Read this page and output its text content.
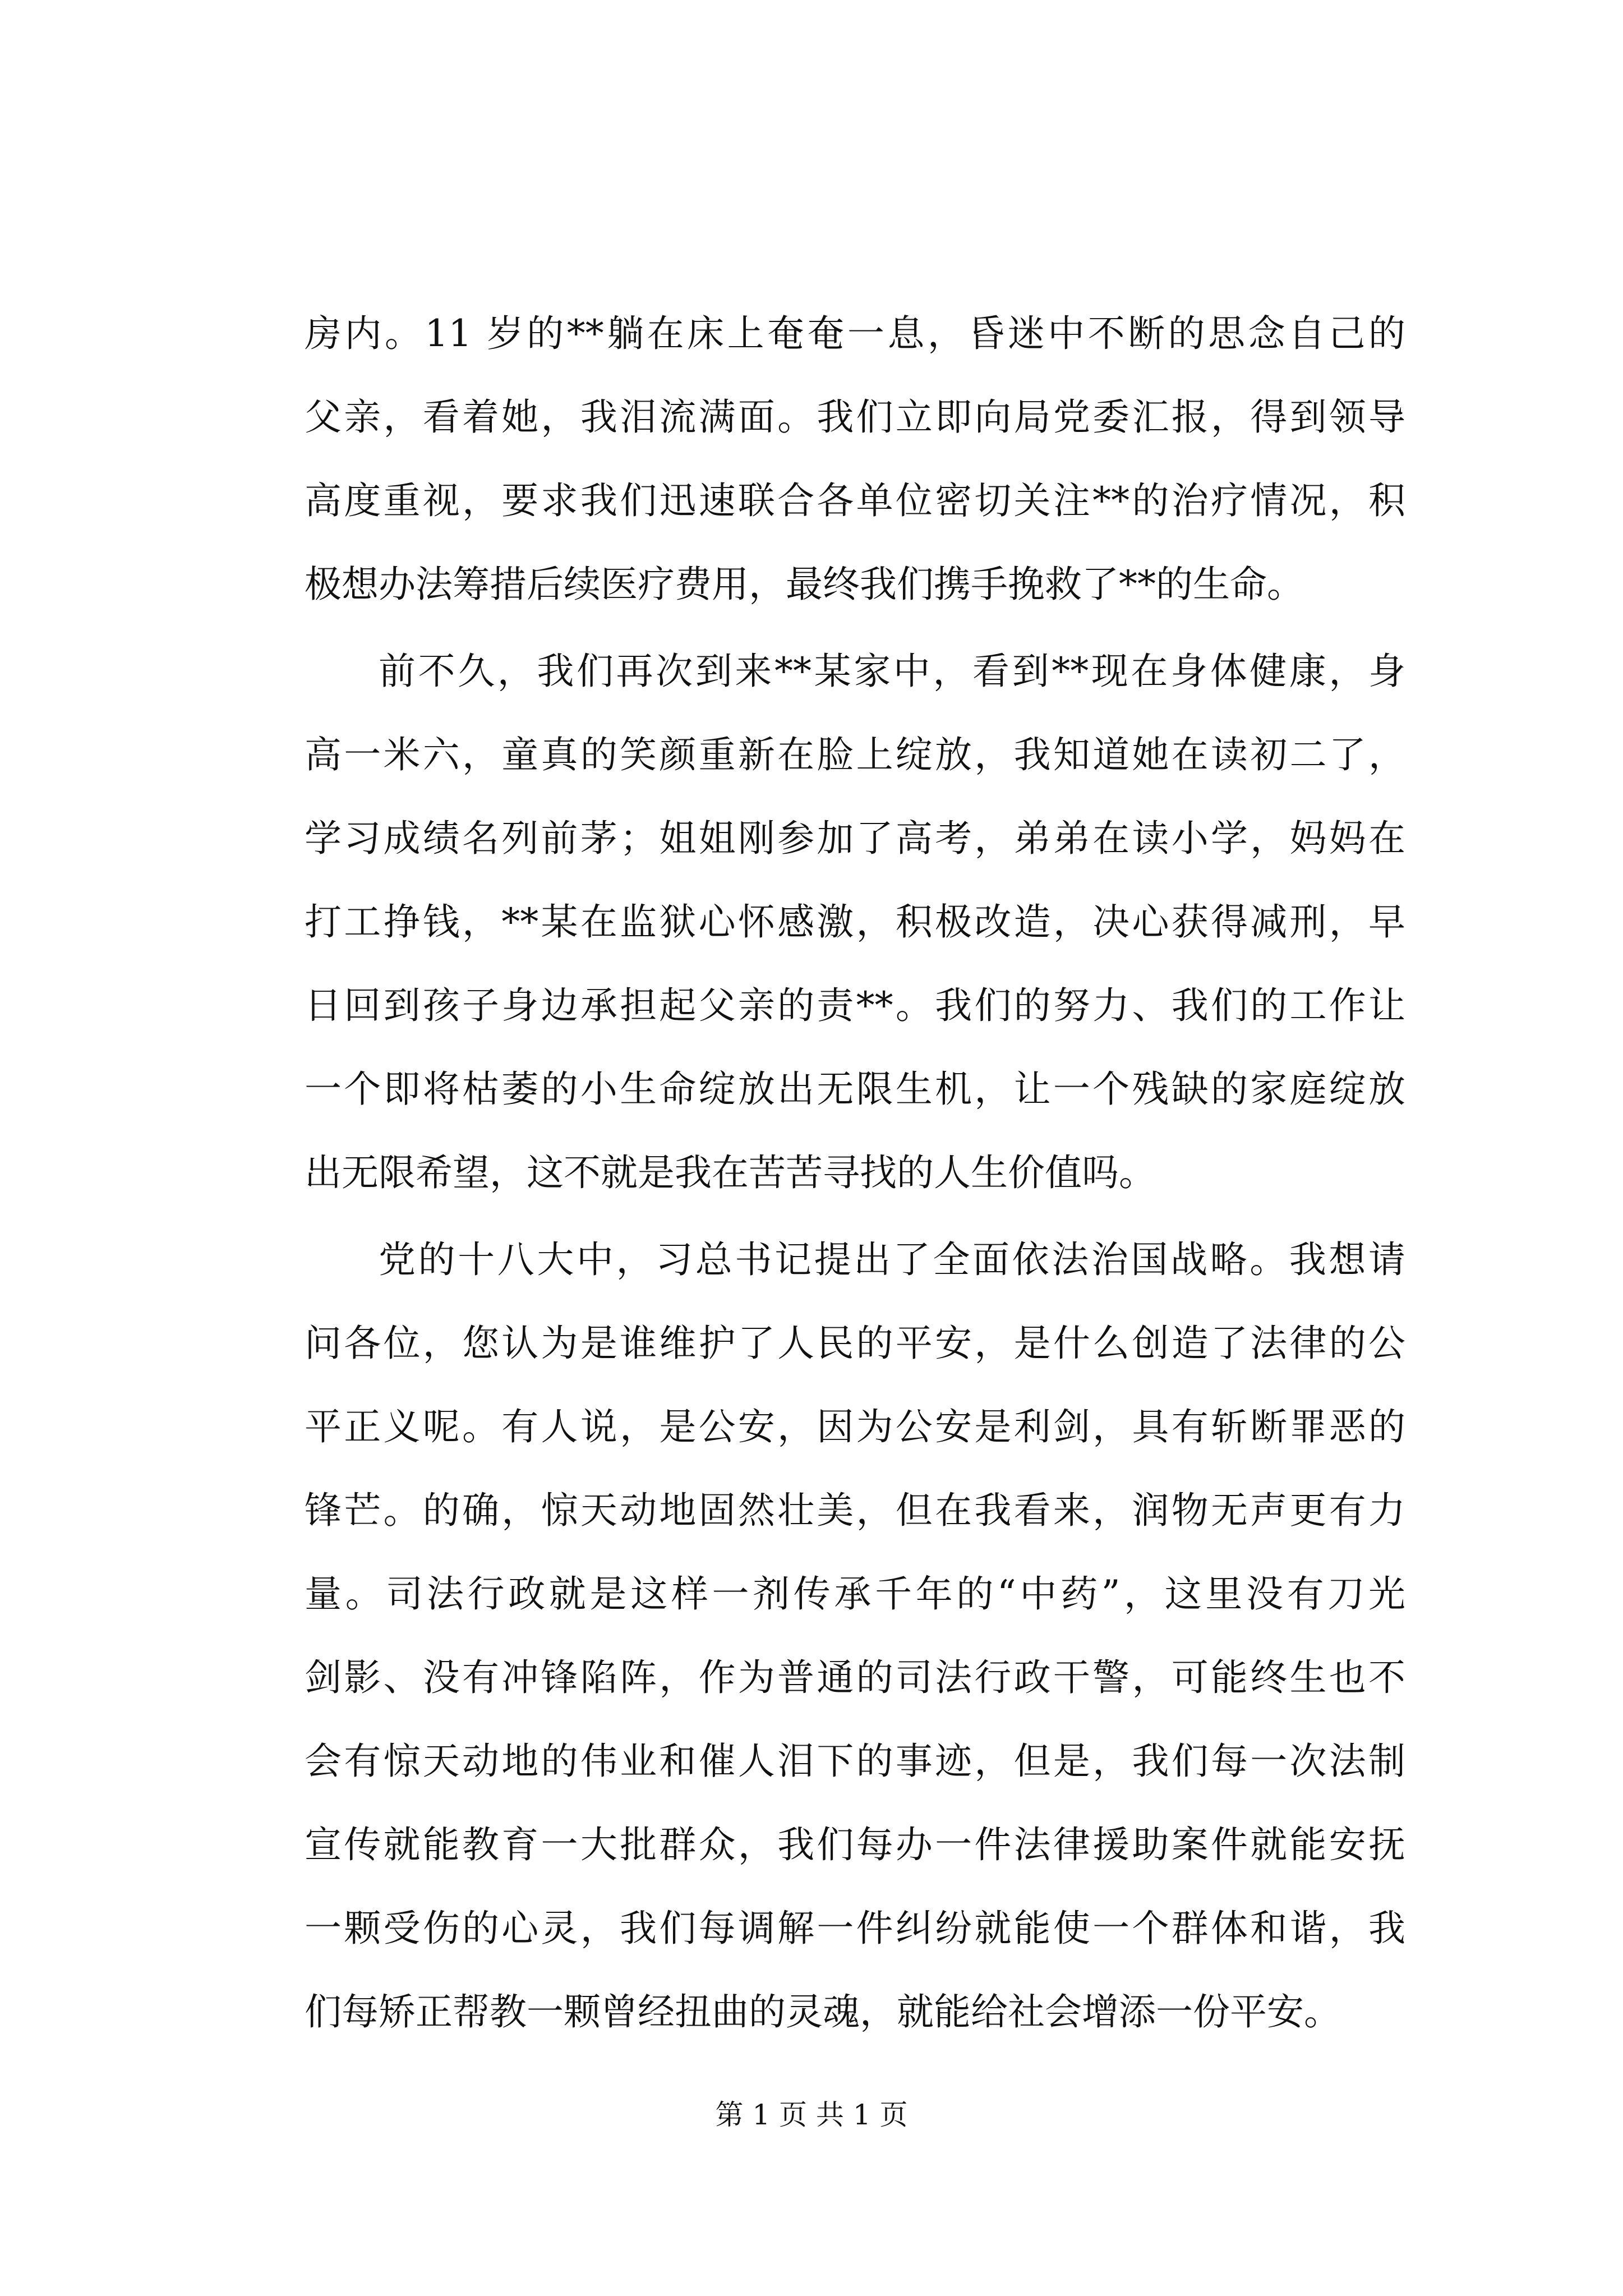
房内。11 岁的**躺在床上奄奄一息，昏迷中不断的思念自己的
父亲，看着她，我泪流满面。我们立即向局党委汇报，得到领导
高度重视，要求我们迅速联合各单位密切关注**的治疗情况，积
极想办法筹措后续医疗费用，最终我们携手挽救了**的生命。
前不久，我们再次到来**某家中，看到**现在身体健康，身
高一米六，童真的笑颜重新在脸上绽放，我知道她在读初二了，
学习成绩名列前茅；姐姐刚参加了高考，弟弟在读小学，妈妈在
打工挣钱，**某在监狱心怀感激，积极改造，决心获得减刑，早
日回到孩子身边承担起父亲的责**。我们的努力、我们的工作让
一个即将枯萎的小生命绽放出无限生机，让一个残缺的家庭绽放
出无限希望，这不就是我在苦苦寻找的人生价值吗。
党的十八大中，习总书记提出了全面依法治国战略。我想请
问各位，您认为是谁维护了人民的平安，是什么创造了法律的公
平正义呢。有人说，是公安，因为公安是利剑，具有斩断罪恶的
锋芒。的确，惊天动地固然壮美，但在我看来，润物无声更有力
量。司法行政就是这样一剂传承千年的“中药”，这里没有刀光
剑影、没有冲锋陷阵，作为普通的司法行政干警，可能终生也不
会有惊天动地的伟业和催人泪下的事迹，但是，我们每一次法制
宣传就能教育一大批群众，我们每办一件法律援助案件就能安抚
一颗受伤的心灵，我们每调解一件纠纷就能使一个群体和谐，我
们每矫正帮教一颗曾经扭曲的灵魂，就能给社会增添一份平安。
第 1 页 共 1 页
